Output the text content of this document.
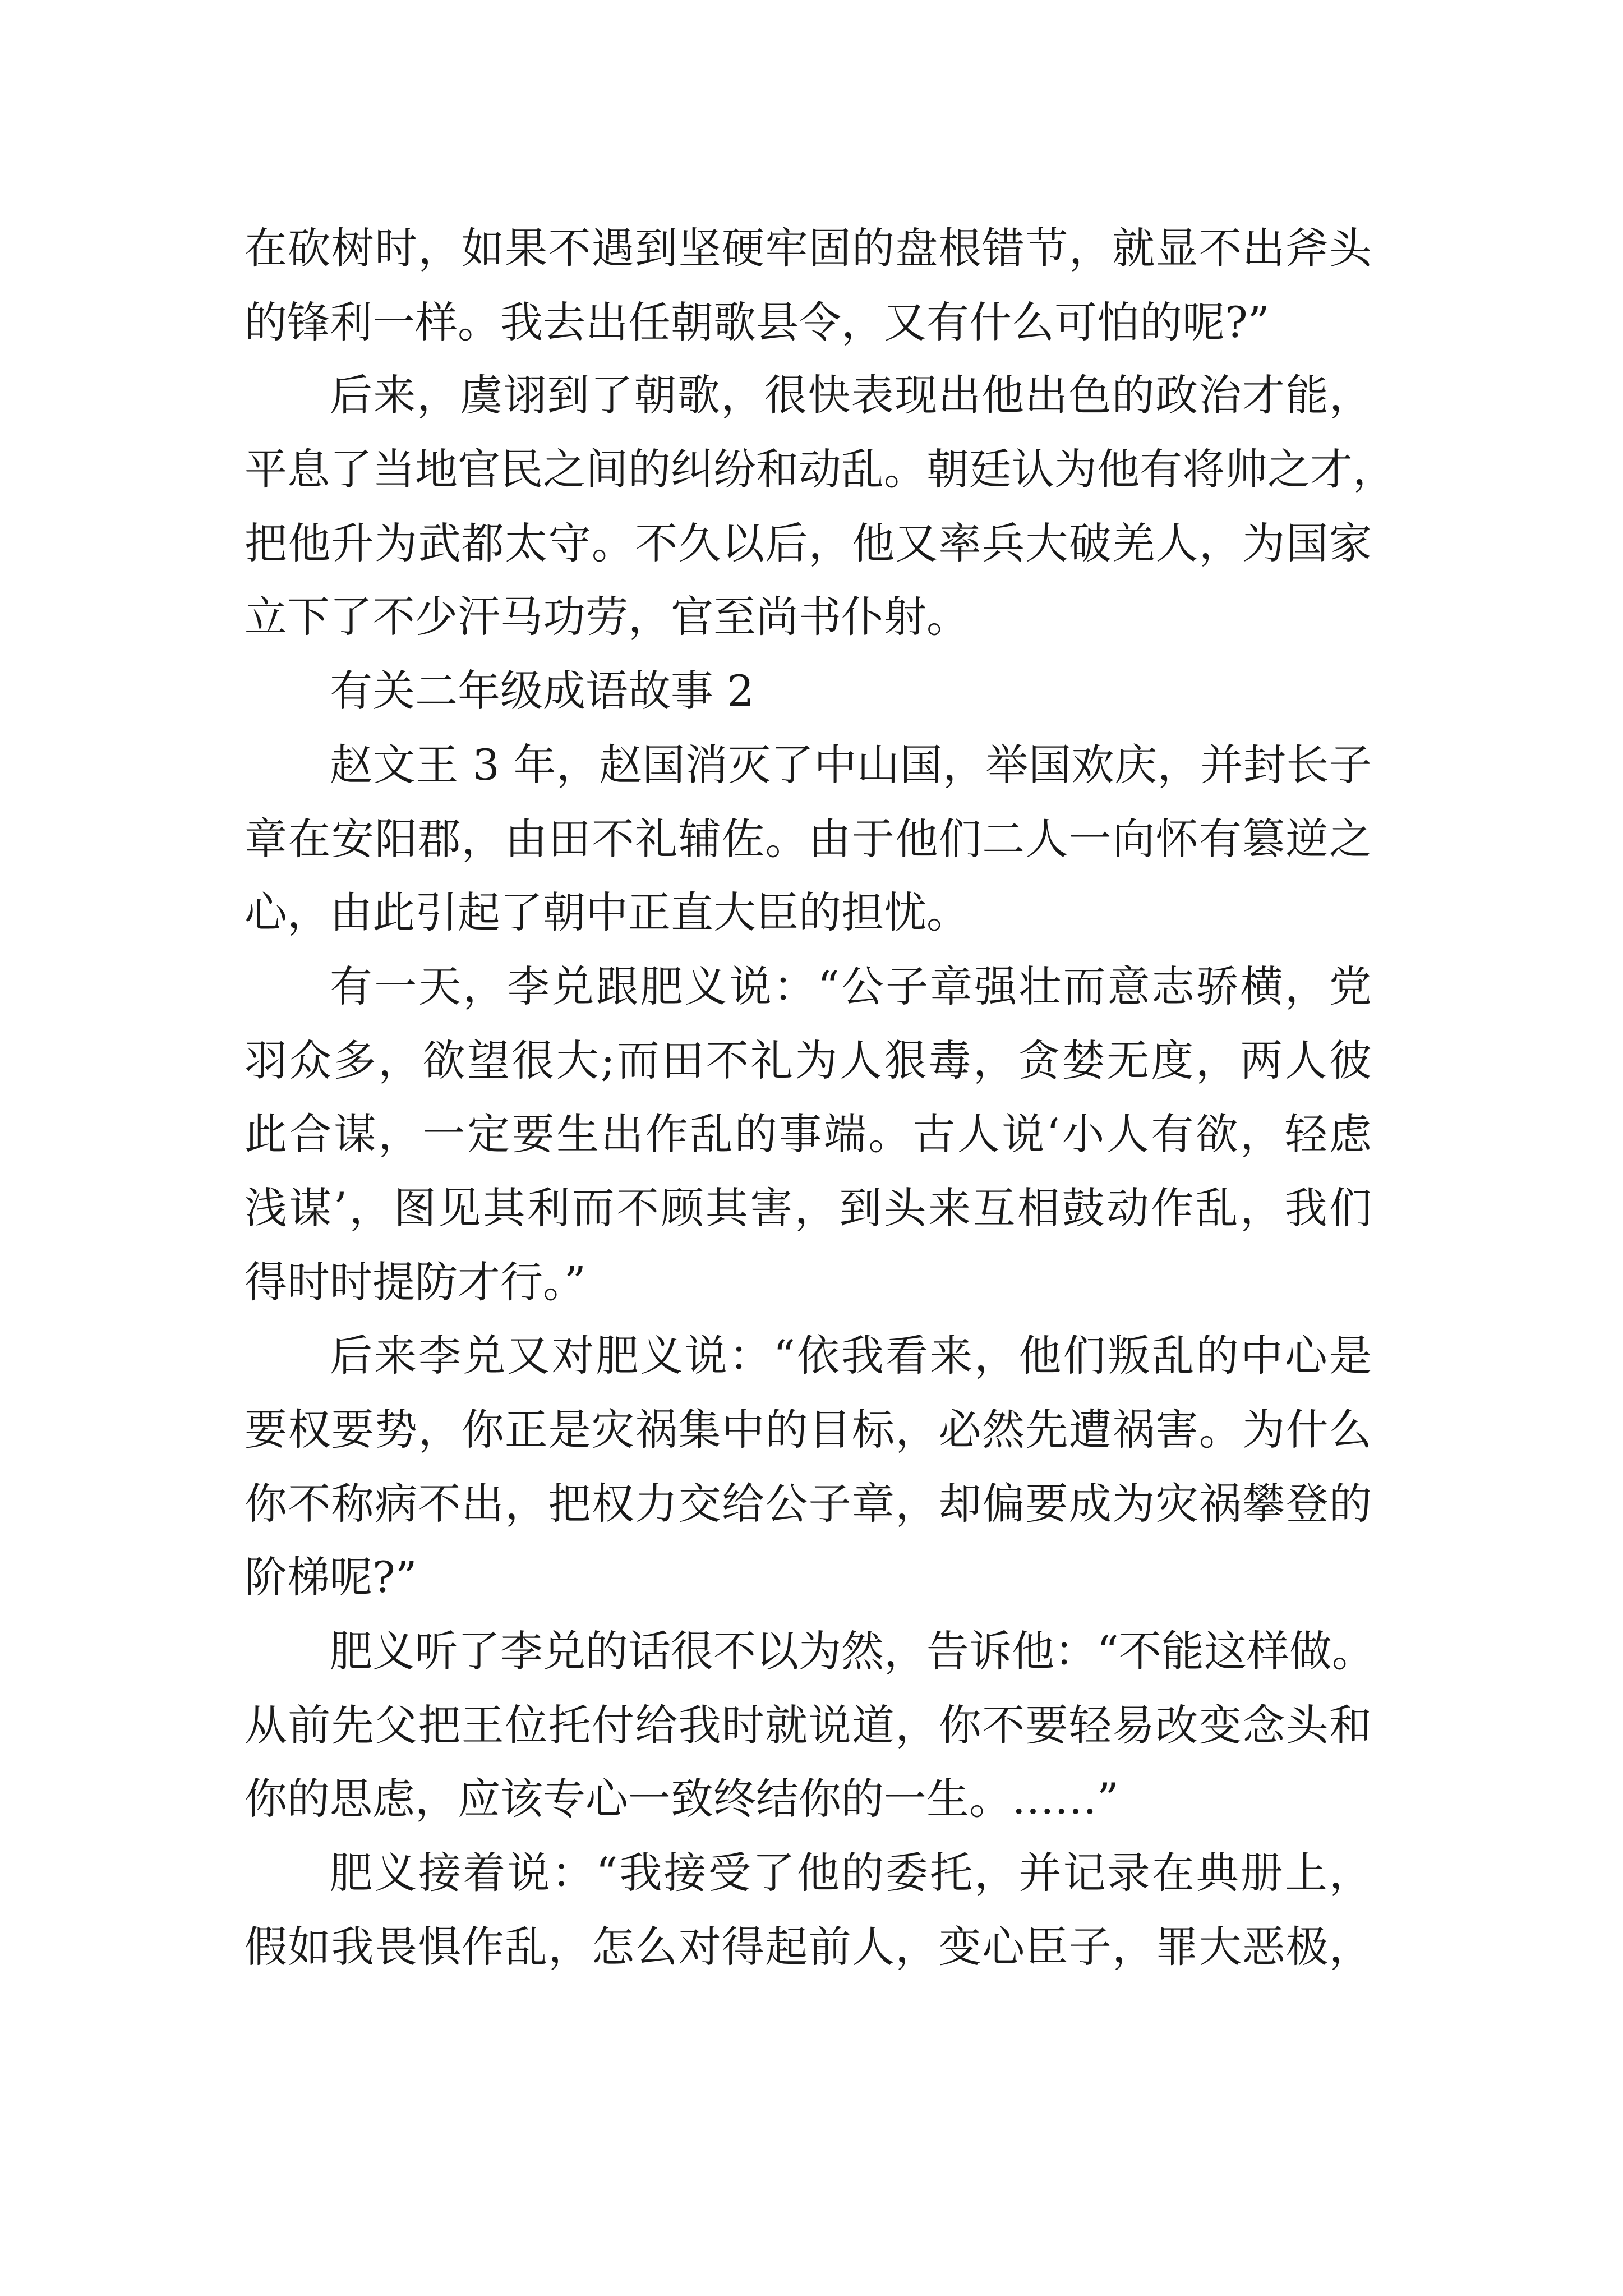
在砍树时，如果不遇到坚硬牢固的盘根错节，就显不出斧头
的锋利一样。我去出任朝歌县令，又有什么可怕的呢?”
后来，虞诩到了朝歌，很快表现出他出色的政治才能，
平息了当地官民之间的纠纷和动乱。朝廷认为他有将帅之才，
把他升为武都太守。不久以后，他又率兵大破羌人，为国家
立下了不少汗马功劳，官至尚书仆射。
有关二年级成语故事 2
赵文王 3 年，赵国消灭了中山国，举国欢庆，并封长子
章在安阳郡，由田不礼辅佐。由于他们二人一向怀有篡逆之
心，由此引起了朝中正直大臣的担忧。
有一天，李兑跟肥义说：“公子章强壮而意志骄横，党
羽众多，欲望很大;而田不礼为人狠毒，贪婪无度，两人彼
此合谋，一定要生出作乱的事端。古人说‘小人有欲，轻虑
浅谋’，图见其利而不顾其害，到头来互相鼓动作乱，我们
得时时提防才行。”
后来李兑又对肥义说：“依我看来，他们叛乱的中心是
要权要势，你正是灾祸集中的目标，必然先遭祸害。为什么
你不称病不出，把权力交给公子章，却偏要成为灾祸攀登的
阶梯呢?”
肥义听了李兑的话很不以为然，告诉他：“不能这样做。
从前先父把王位托付给我时就说道，你不要轻易改变念头和
你的思虑，应该专心一致终结你的一生。……”
肥义接着说：“我接受了他的委托，并记录在典册上，
假如我畏惧作乱，怎么对得起前人，变心臣子，罪大恶极，
